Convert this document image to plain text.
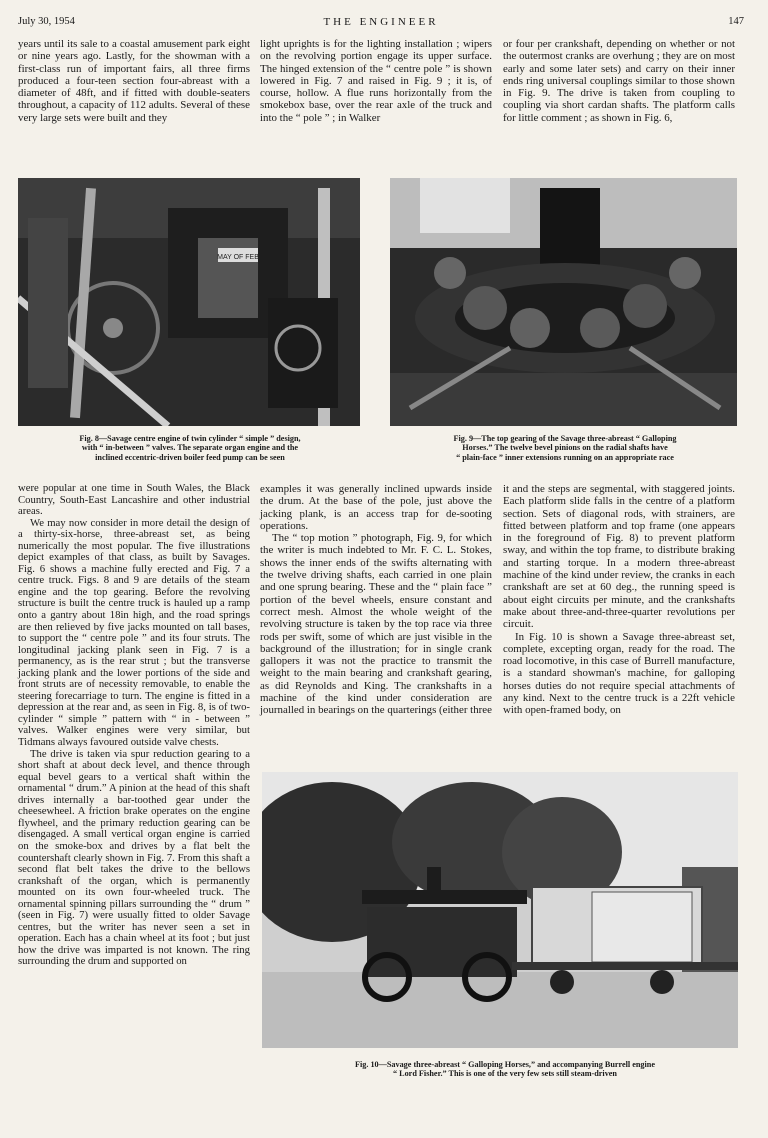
July 30, 1954	THE ENGINEER	147

years until its sale to a coastal amusement park eight or nine years ago. Lastly, for the showman with a first-class run of important fairs, all three firms produced a four-teen section four-abreast with a diameter of 48ft, and if fitted with double-seaters throughout, a capacity of 112 adults. Several of these very large sets were built and they

light uprights is for the lighting installation ; wipers on the revolving portion engage its upper surface. The hinged extension of the “ centre pole ” is shown lowered in Fig. 7 and raised in Fig. 9 ; it is, of course, hollow. A flue runs horizontally from the smokebox base, over the rear axle of the truck and into the “ pole ” ; in Walker

or four per crankshaft, depending on whether or not the outermost cranks are overhung ; they are on most early and some later sets) and carry on their inner ends ring universal couplings similar to those shown in Fig. 9. The drive is taken from coupling to coupling via short cardan shafts. The platform calls for little comment ; as shown in Fig. 6,

MAY OF FEB
Fig. 8—Savage centre engine of twin cylinder “ simple ” design,
with “ in-between ” valves. The separate organ engine and the
inclined eccentric-driven boiler feed pump can be seen
Fig. 9—The top gearing of the Savage three-abreast “ Galloping
Horses.” The twelve bevel pinions on the radial shafts have
“ plain-face ” inner extensions running on an appropriate race

were popular at one time in South Wales, the Black Country, South-East Lancashire and other industrial areas.

We may now consider in more detail the design of a thirty-six-horse, three-abreast set, as being numerically the most popular. The five illustrations depict examples of that class, as built by Savages. Fig. 6 shows a machine fully erected and Fig. 7 a centre truck. Figs. 8 and 9 are details of the steam engine and the top gearing. Before the revolving structure is built the centre truck is hauled up a ramp onto a gantry about 18in high, and the road springs are then relieved by five jacks mounted on tall bases, to support the “ centre pole ” and its four struts. The longitudinal jacking plank seen in Fig. 7 is a permanency, as is the rear strut ; but the transverse jacking plank and the lower portions of the side and front struts are of necessity removable, to enable the steering forecarriage to turn. The engine is fitted in a depression at the rear and, as seen in Fig. 8, is of two-cylinder “ simple ” pattern with “ in - between ” valves. Walker engines were very similar, but Tidmans always favoured outside valve chests.

The drive is taken via spur reduction gearing to a short shaft at about deck level, and thence through equal bevel gears to a vertical shaft within the ornamental “ drum.” A pinion at the head of this shaft drives internally a bar-toothed gear under the cheesewheel. A friction brake operates on the engine flywheel, and the primary reduction gearing can be disengaged. A small vertical organ engine is carried on the smoke-box and drives by a flat belt the countershaft clearly shown in Fig. 7. From this shaft a second flat belt takes the drive to the bellows crankshaft of the organ, which is permanently mounted on its own four-wheeled truck. The ornamental spinning pillars surrounding the “ drum ” (seen in Fig. 7) were usually fitted to older Savage centres, but the writer has never seen a set in operation. Each has a chain wheel at its foot ; but just how the drive was imparted is not known. The ring surrounding the drum and supported on

examples it was generally inclined upwards inside the drum. At the base of the pole, just above the jacking plank, is an access trap for de-sooting operations.

The “ top motion ” photograph, Fig. 9, for which the writer is much indebted to Mr. F. C. L. Stokes, shows the inner ends of the swifts alternating with the twelve driving shafts, each carried in one plain and one sprung bearing. These and the “ plain face ” portion of the bevel wheels, ensure constant and correct mesh. Almost the whole weight of the revolving structure is taken by the top race via three rods per swift, some of which are just visible in the background of the illustration; for in single crank gallopers it was not the practice to transmit the weight to the main bearing and crankshaft gearing, as did Reynolds and King. The crankshafts in a machine of the kind under consideration are journalled in bearings on the quarterings (either three

it and the steps are segmental, with staggered joints. Each platform slide falls in the centre of a platform section. Sets of diagonal rods, with strainers, are fitted between platform and top frame (one appears in the foreground of Fig. 8) to prevent platform sway, and within the top frame, to distribute braking and starting torque. In a modern three-abreast machine of the kind under review, the cranks in each crankshaft are set at 60 deg., the running speed is about eight circuits per minute, and the crankshafts make about three-and-three-quarter revolutions per circuit.

In Fig. 10 is shown a Savage three-abreast set, complete, excepting organ, ready for the road. The road locomotive, in this case of Burrell manufacture, is a standard showman's machine, for galloping horses duties do not require special attachments of any kind. Next to the centre truck is a 22ft vehicle with open-framed body, on

Fig. 10—Savage three-abreast “ Galloping Horses,” and accompanying Burrell engine
“ Lord Fisher.” This is one of the very few sets still steam-driven
